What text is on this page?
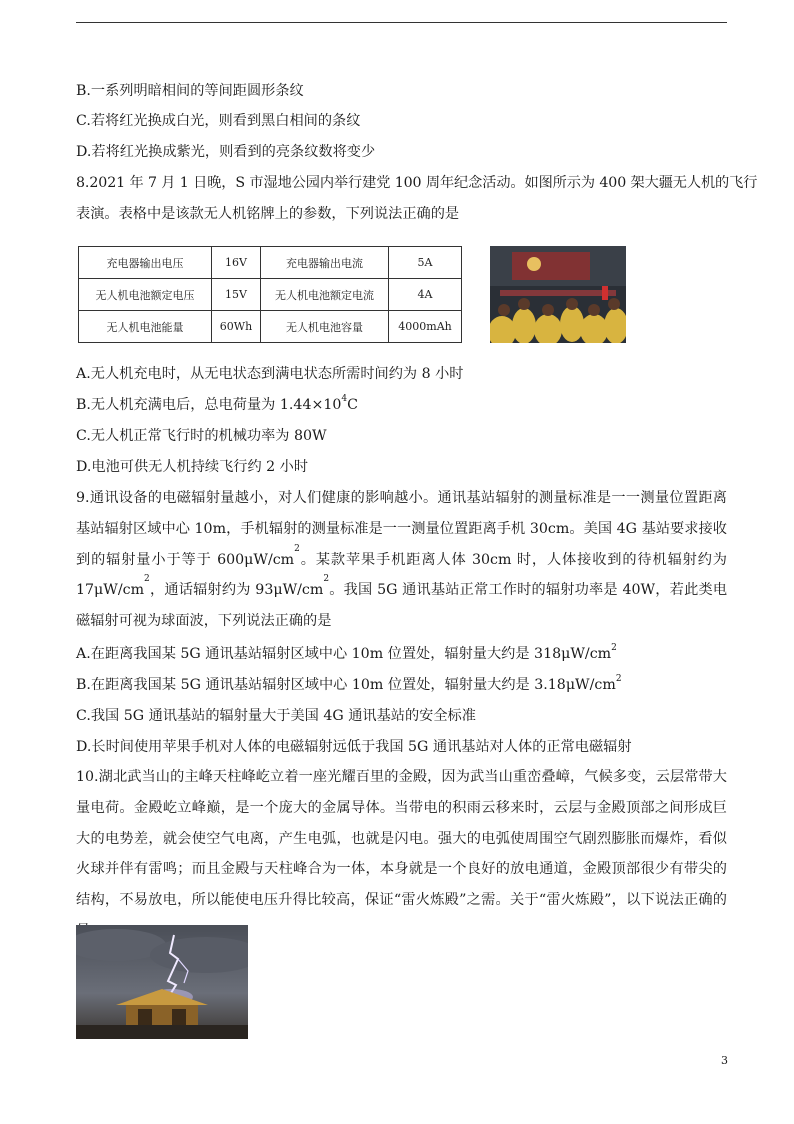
B.一系列明暗相间的等间距圆形条纹
C.若将红光换成白光，则看到黑白相间的条纹
D.若将红光换成紫光，则看到的亮条纹数将变少
8.2021 年 7 月 1 日晚，S 市湿地公园内举行建党 100 周年纪念活动。如图所示为 400 架大疆无人机的飞行
表演。表格中是该款无人机铭牌上的参数，下列说法正确的是
充电器输出电压	16V	充电器输出电流	5A
无人机电池额定电压	15V	无人机电池额定电流	4A
无人机电池能量	60Wh	无人机电池容量	4000mAh
A.无人机充电时，从无电状态到满电状态所需时间约为 8 小时
B.无人机充满电后，总电荷量为 $1.44\times 10^4C$
C.无人机正常飞行时的机械功率为 80W
D.电池可供无人机持续飞行约 2 小时

9.通讯设备的电磁辐射量越小，对人们健康的影响越小。通讯基站辐射的测量标准是一一测量位置距离基站辐射区域中心 10m，手机辐射的测量标准是一一测量位置距离手机 30cm。美国 4G 基站要求接收到的辐射量小于等于 $600\mu W/cm^2$。某款苹果手机距离人体 30cm 时，人体接收到的待机辐射约为 $17\mu W/cm^2$，通话辐射约为 $93\mu W/cm^2$。我国 5G 通讯基站正常工作时的辐射功率是 40W，若此类电磁辐射可视为球面波，下列说法正确的是

A.在距离我国某 5G 通讯基站辐射区域中心 10m 位置处，辐射量大约是 $318\mu W/cm^2$
B.在距离我国某 5G 通讯基站辐射区域中心 10m 位置处，辐射量大约是 $3.18\mu W/cm^2$
C.我国 5G 通讯基站的辐射量大于美国 4G 通讯基站的安全标准
D.长时间使用苹果手机对人体的电磁辐射远低于我国 5G 通讯基站对人体的正常电磁辐射

10.湖北武当山的主峰天柱峰屹立着一座光耀百里的金殿，因为武当山重峦叠嶂，气候多变，云层常带大量电荷。金殿屹立峰巅，是一个庞大的金属导体。当带电的积雨云移来时，云层与金殿顶部之间形成巨大的电势差，就会使空气电离，产生电弧，也就是闪电。强大的电弧使周围空气剧烈膨胀而爆炸，看似火球并伴有雷鸣；而且金殿与天柱峰合为一体，本身就是一个良好的放电通道，金殿顶部很少有带尖的结构，不易放电，所以能使电压升得比较高，保证“雷火炼殿”之需。关于“雷火炼殿”，以下说法正确的

3
